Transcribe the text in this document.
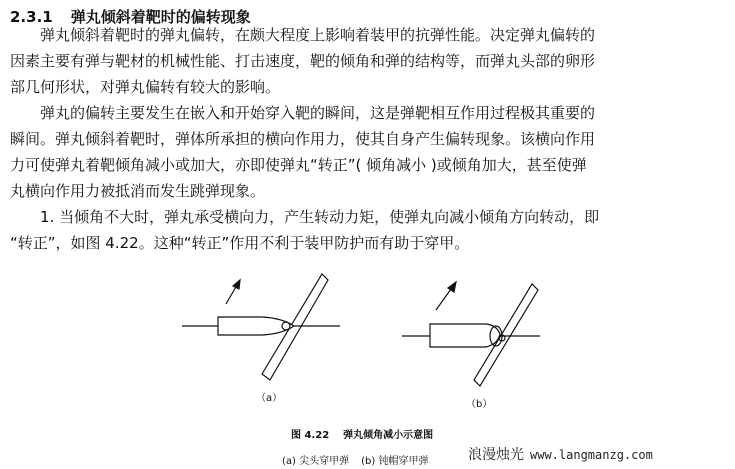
2.3.1 弹丸倾斜着靶时的偏转现象
弹丸倾斜着靶时的弹丸偏转，在颇大程度上影响着装甲的抗弹性能。决定弹丸偏转的
因素主要有弹与靶材的机械性能、打击速度，靶的倾角和弹的结构等，而弹丸头部的卵形
部几何形状，对弹丸偏转有较大的影响。
弹丸的偏转主要发生在嵌入和开始穿入靶的瞬间，这是弹靶相互作用过程极其重要的
瞬间。弹丸倾斜着靶时，弹体所承担的横向作用力，使其自身产生偏转现象。该横向作用
力可使弹丸着靶倾角减小或加大，亦即使弹丸“转正”( 倾角减小 )或倾角加大，甚至使弹
丸横向作用力被抵消而发生跳弹现象。
1. 当倾角不大时，弹丸承受横向力，产生转动力矩，使弹丸向减小倾角方向转动，即
“转正”，如图 4.22。这种“转正”作用不利于装甲防护而有助于穿甲。
（a）
（b）
图 4.22 弹丸倾角减小示意图
(a) 尖头穿甲弹 (b) 钝帽穿甲弹	浪漫烛光 www.langmanzg.com
